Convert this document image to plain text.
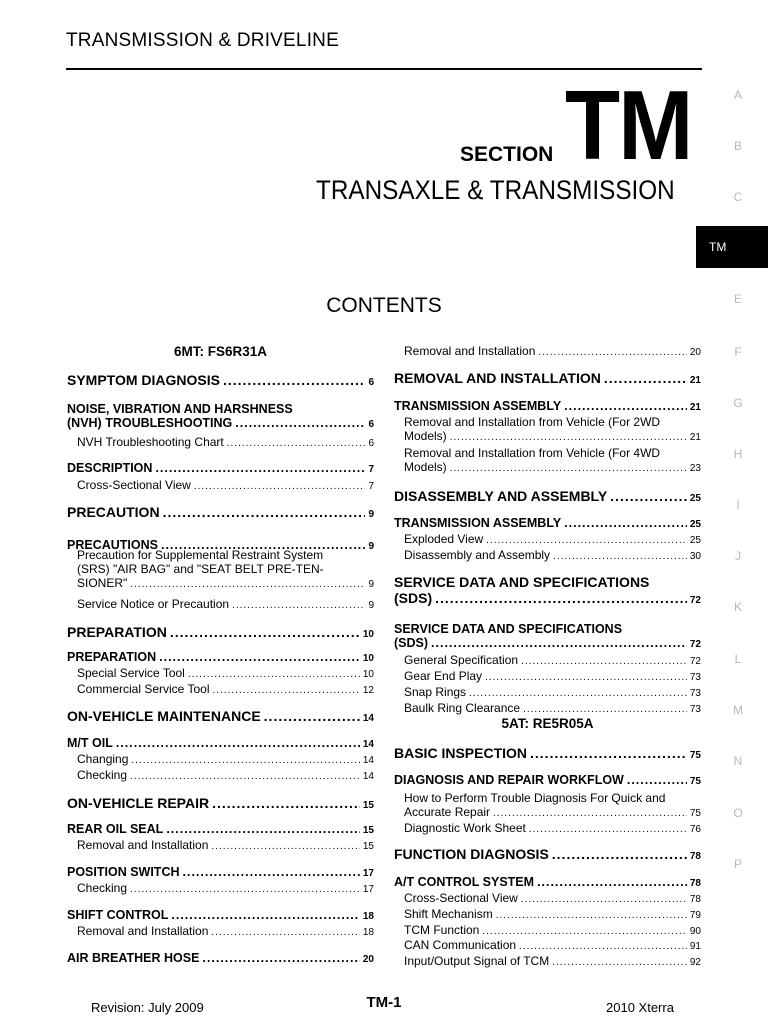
TRANSMISSION & DRIVELINE
SECTION TM
TRANSAXLE & TRANSMISSION
CONTENTS
A
B
C
TM
E
F
G
H
I
J
K
L
M
N
O
P
6MT: FS6R31A
SYMPTOM DIAGNOSIS .....	6
NOISE, VIBRATION AND HARSHNESS
(NVH) TROUBLESHOOTING .....	6
NVH Troubleshooting Chart .....	6
DESCRIPTION .....	7
Cross-Sectional View .....	7
PRECAUTION .....	9
PRECAUTIONS .....	9
Precaution for Supplemental Restraint System
(SRS) "AIR BAG" and "SEAT BELT PRE-TEN-
SIONER" .....	9
Service Notice or Precaution .....	9
PREPARATION .....	10
PREPARATION .....	10
Special Service Tool .....	10
Commercial Service Tool .....	12
ON-VEHICLE MAINTENANCE .....	14
M/T OIL .....	14
Changing .....	14
Checking .....	14
ON-VEHICLE REPAIR .....	15
REAR OIL SEAL .....	15
Removal and Installation .....	15
POSITION SWITCH .....	17
Checking .....	17
SHIFT CONTROL .....	18
Removal and Installation .....	18
AIR BREATHER HOSE .....	20
Removal and Installation .....	20
REMOVAL AND INSTALLATION .....	21
TRANSMISSION ASSEMBLY .....	21
Removal and Installation from Vehicle (For 2WD
Models) .....	21
Removal and Installation from Vehicle (For 4WD
Models) .....	23
DISASSEMBLY AND ASSEMBLY .....	25
TRANSMISSION ASSEMBLY .....	25
Exploded View .....	25
Disassembly and Assembly .....	30
SERVICE DATA AND SPECIFICATIONS
(SDS) .....	72
SERVICE DATA AND SPECIFICATIONS
(SDS) .....	72
General Specification .....	72
Gear End Play .....	73
Snap Rings .....	73
Baulk Ring Clearance .....	73
5AT: RE5R05A
BASIC INSPECTION .....	75
DIAGNOSIS AND REPAIR WORKFLOW .....	75
How to Perform Trouble Diagnosis For Quick and
Accurate Repair .....	75
Diagnostic Work Sheet .....	76
FUNCTION DIAGNOSIS .....	78
A/T CONTROL SYSTEM .....	78
Cross-Sectional View .....	78
Shift Mechanism .....	79
TCM Function .....	90
CAN Communication .....	91
Input/Output Signal of TCM .....	92
Revision: July 2009	TM-1	2010 Xterra
